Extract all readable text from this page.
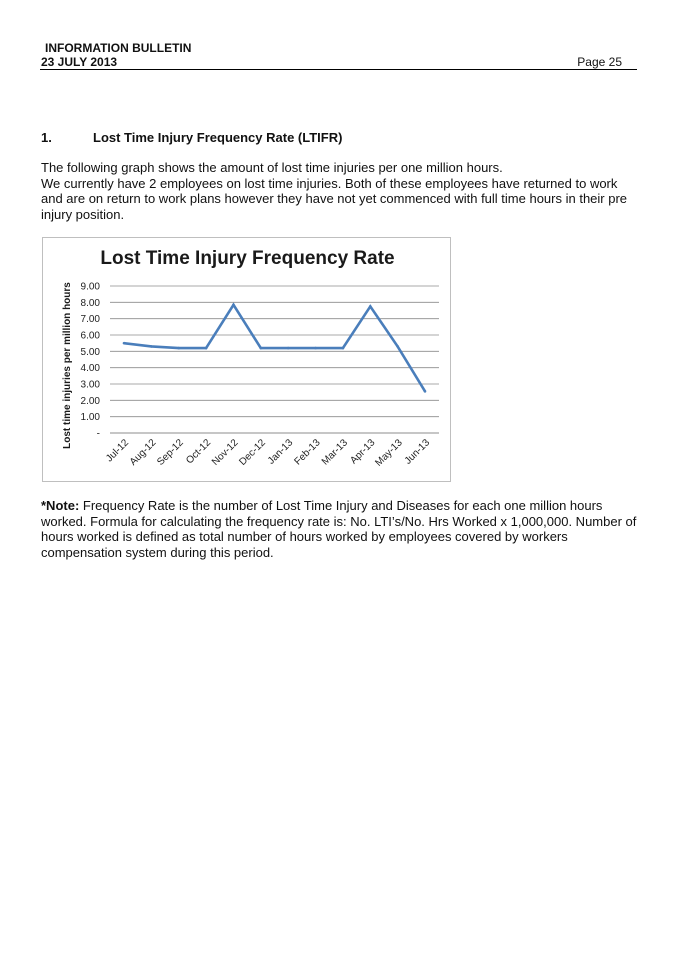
INFORMATION BULLETIN
23 JULY 2013	Page 25
1.	Lost Time Injury Frequency Rate (LTIFR)

The following graph shows the amount of lost time injuries per one million hours.

We currently have 2 employees on lost time injuries. Both of these employees have returned to work and are on return to work plans however they have not yet commenced with full time hours in their pre injury position.

Lost Time Injury Frequency Rate
-
1.00
2.00
3.00
4.00
5.00
6.00
7.00
8.00
9.00
Lost time injuries per million hours
Jul-12
Aug-12
Sep-12
Oct-12
Nov-12
Dec-12
Jan-13
Feb-13
Mar-13
Apr-13
May-13
Jun-13
*Note: Frequency Rate is the number of Lost Time Injury and Diseases for each one million hours worked. Formula for calculating the frequency rate is: No. LTI’s/No. Hrs Worked x 1,000,000. Number of hours worked is defined as total number of hours worked by employees covered by workers compensation system during this period.
